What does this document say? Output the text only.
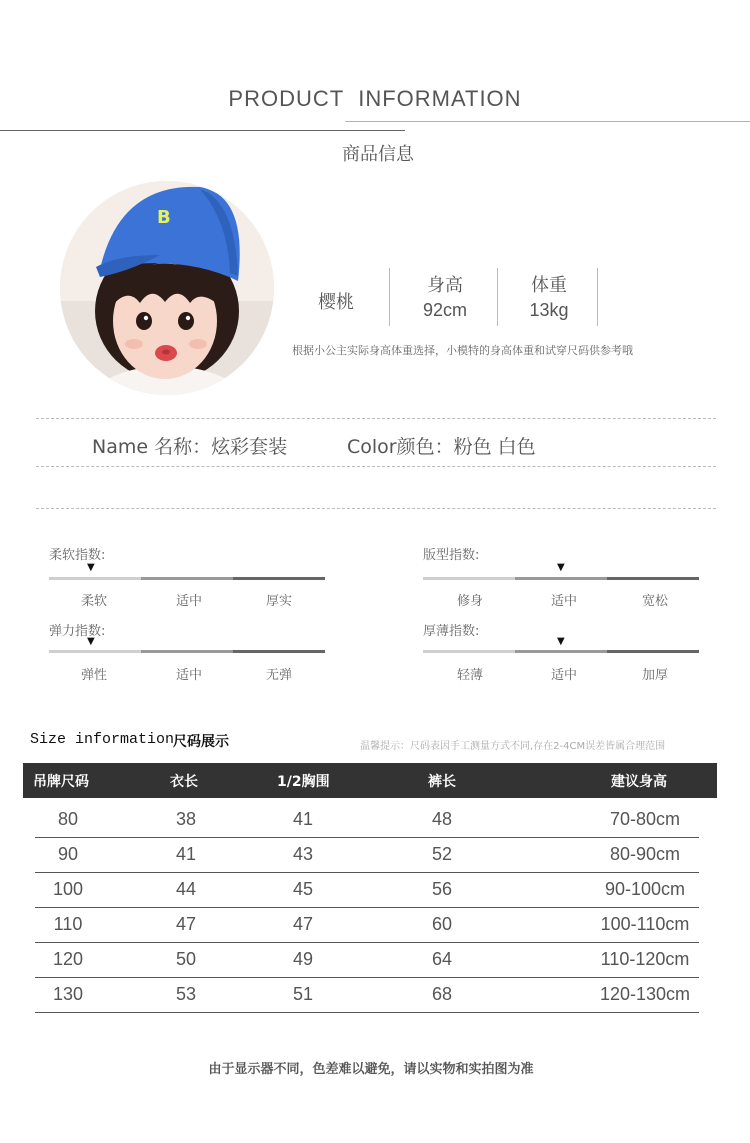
PRODUCT INFORMATION
商品信息
B
樱桃
身高
92cm
体重
13kg
根据小公主实际身高体重选择，小模特的身高体重和试穿尺码供参考哦
Name 名称：炫彩套装	Color颜色：粉色 白色
柔软指数:
▼
柔软	适中	厚实
版型指数:
▼
修身	适中	宽松
弹力指数:
▼
弹性	适中	无弹
厚薄指数:
▼
轻薄	适中	加厚
Size information
尺码展示	温馨提示：尺码表因手工测量方式不同,存在2-4CM误差皆属合理范围
吊牌尺码	衣长	1/2胸围	裤长	建议身高
80	38	41	48	70-80cm
90	41	43	52	80-90cm
100	44	45	56	90-100cm
110	47	47	60	100-110cm
120	50	49	64	110-120cm
130	53	51	68	120-130cm
由于显示器不同，色差难以避免，请以实物和实拍图为准
